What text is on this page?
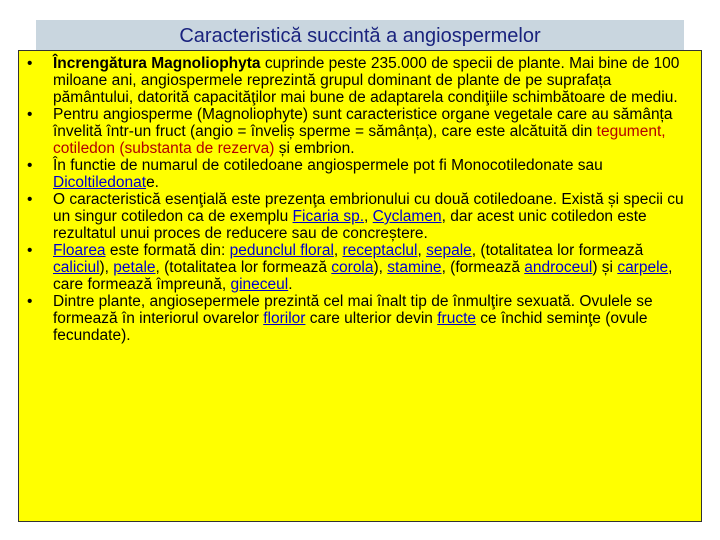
Caracteristică succintă a angiospermelor
• Încrengătura Magnoliophyta cuprinde peste 235.000 de specii de plante. Mai bine de 100 miloane ani, angiospermele reprezintă grupul dominant de plante de pe suprafața pământului, datorită capacităţilor mai bune de adaptarela condiţiile schimbătoare de mediu.
• Pentru angiosperme (Magnoliophyte) sunt caracteristice organe vegetale care au sămânța învelită într-un fruct (angio = înveliș sperme = sămânța), care este alcătuită din tegument, cotiledon (substanta de rezerva) și embrion.
• În functie de numarul de cotiledoane angiospermele pot fi Monocotiledonate sau Dicoltiledonate.
• O caracteristică esenţială este prezenţa embrionului cu două cotiledoane. Există și specii cu un singur cotiledon ca de exemplu Ficaria sp., Cyclamen, dar acest unic cotiledon este rezultatul unui proces de reducere sau de concreștere.
• Floarea este formată din: pedunclul floral, receptaclul, sepale, (totalitatea lor formează caliciul), petale, (totalitatea lor formează corola), stamine, (formează androceul) și carpele, care formează împreună, gineceul.
• Dintre plante, angiosepermele prezintă cel mai înalt tip de înmulţire sexuată. Ovulele se formează în interiorul ovarelor florilor care ulterior devin fructe ce închid seminţe (ovule fecundate).
